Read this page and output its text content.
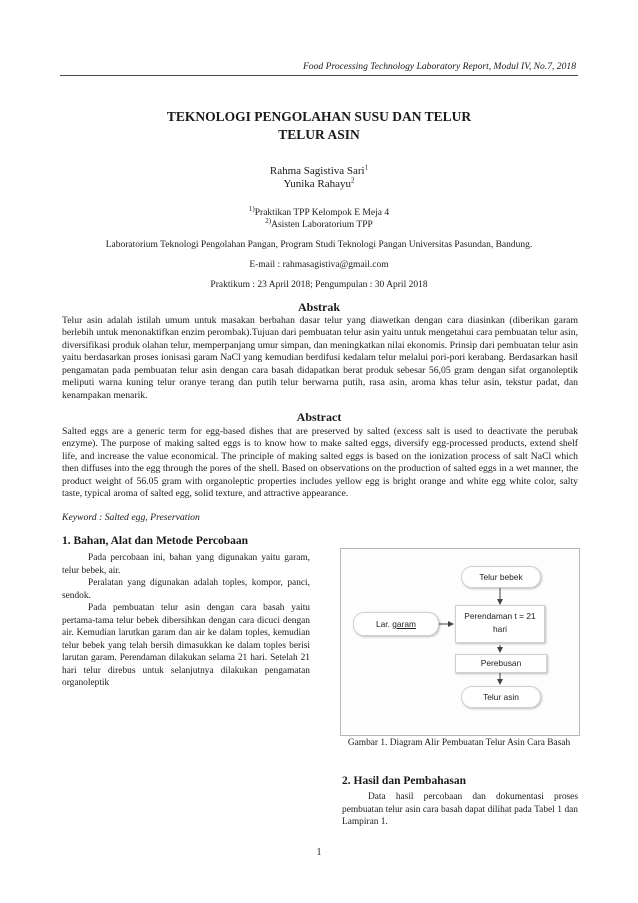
Food Processing Technology Laboratory Report, Modul IV, No.7, 2018
TEKNOLOGI PENGOLAHAN SUSU DAN TELUR
TELUR ASIN
Rahma Sagistiva Sari$^1$
Yunika Rahayu$^2$
$^{1)}$Praktikan TPP Kelompok E Meja 4
$^{2)}$Asisten Laboratorium TPP
Laboratorium Teknologi Pengolahan Pangan, Program Studi Teknologi Pangan Universitas Pasundan, Bandung.
E-mail : rahmasagistiva@gmail.com
Praktikum : 23 April 2018; Pengumpulan : 30 April 2018
Abstrak
Telur asin adalah istilah umum untuk masakan berbahan dasar telur yang diawetkan dengan cara diasinkan (diberikan garam berlebih untuk menonaktifkan enzim perombak).Tujuan dari pembuatan telur asin yaitu untuk mengetahui cara pembuatan telur asin, diversifikasi produk olahan telur, memperpanjang umur simpan, dan meningkatkan nilai ekonomis. Prinsip dari pembuatan telur asin yaitu berdasarkan proses ionisasi garam NaCl yang kemudian berdifusi kedalam telur melalui pori-pori kerabang. Berdasarkan hasil pengamatan pada pembuatan telur asin dengan cara basah didapatkan berat produk sebesar 56,05 gram dengan sifat organoleptik meliputi warna kuning telur oranye terang dan putih telur berwarna putih, rasa asin, aroma khas telur asin, tekstur padat, dan kenampakan menarik.
Abstract
Salted eggs are a generic term for egg-based dishes that are preserved by salted (excess salt is used to deactivate the perubak enzyme). The purpose of making salted eggs is to know how to make salted eggs, diversify egg-processed products, extend shelf life, and increase the value economical. The principle of making salted eggs is based on the ionization process of salt NaCl which then diffuses into the egg through the pores of the shell. Based on observations on the production of salted eggs in a wet manner, the product weight of 56.05 gram with organoleptic properties includes yellow egg is bright orange and white egg white color, salty taste, typical aroma of salted egg, solid texture, and attractive appearance.
Keyword : Salted egg, Preservation
1. Bahan, Alat dan Metode Percobaan

Pada percobaan ini, bahan yang digunakan yaitu garam, telur bebek, air.

Peralatan yang digunakan adalah toples, kompor, panci, sendok.

Pada pembuatan telur asin dengan cara basah yaitu pertama-tama telur bebek dibersihkan dengan cara dicuci dengan air. Kemudian larutkan garam dan air ke dalam toples, kemudian telur bebek yang telah bersih dimasukkan ke dalam toples berisi larutan garam. Perendaman dilakukan selama 21 hari. Setelah 21 hari telur direbus untuk selanjutnya dilakukan pengamatan organoleptik

Telur bebek
Perendaman t = 21
hari
Lar. garam
Perebusan
Telur asin
Gambar 1. Diagram Alir Pembuatan Telur Asin Cara Basah
2. Hasil dan Pembahasan

Data hasil percobaan dan dokumentasi proses pembuatan telur asin cara basah dapat dilihat pada Tabel 1 dan Lampiran 1.

1
